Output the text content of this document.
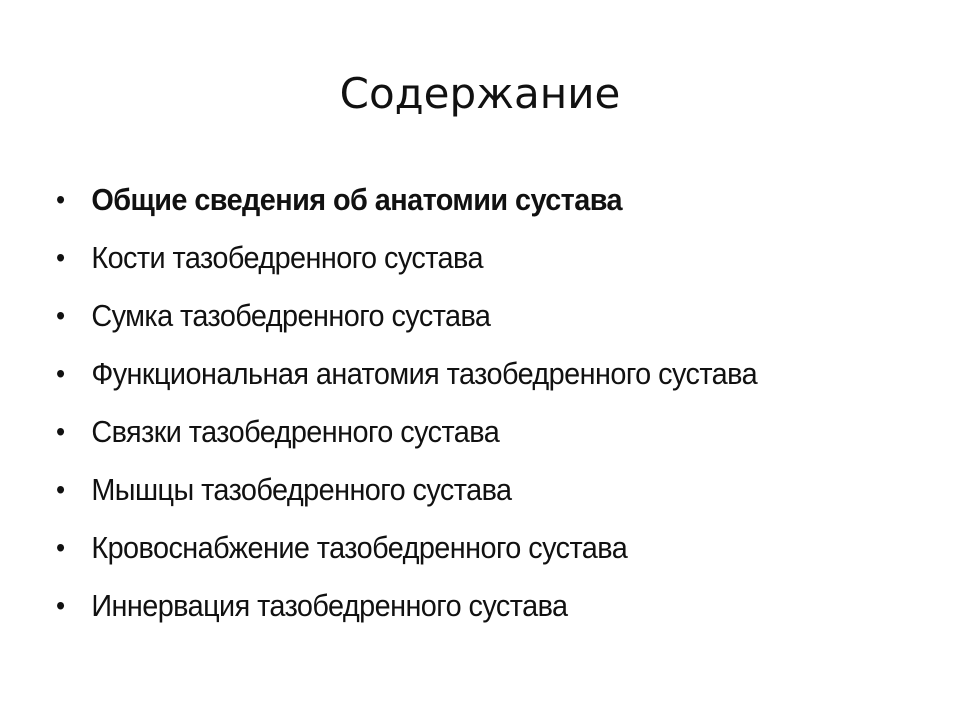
Содержание
• Общие сведения об анатомии сустава
• Кости тазобедренного сустава
• Сумка тазобедренного сустава
• Функциональная анатомия тазобедренного сустава
• Связки тазобедренного сустава
• Мышцы тазобедренного сустава
• Кровоснабжение тазобедренного сустава
• Иннервация тазобедренного сустава
